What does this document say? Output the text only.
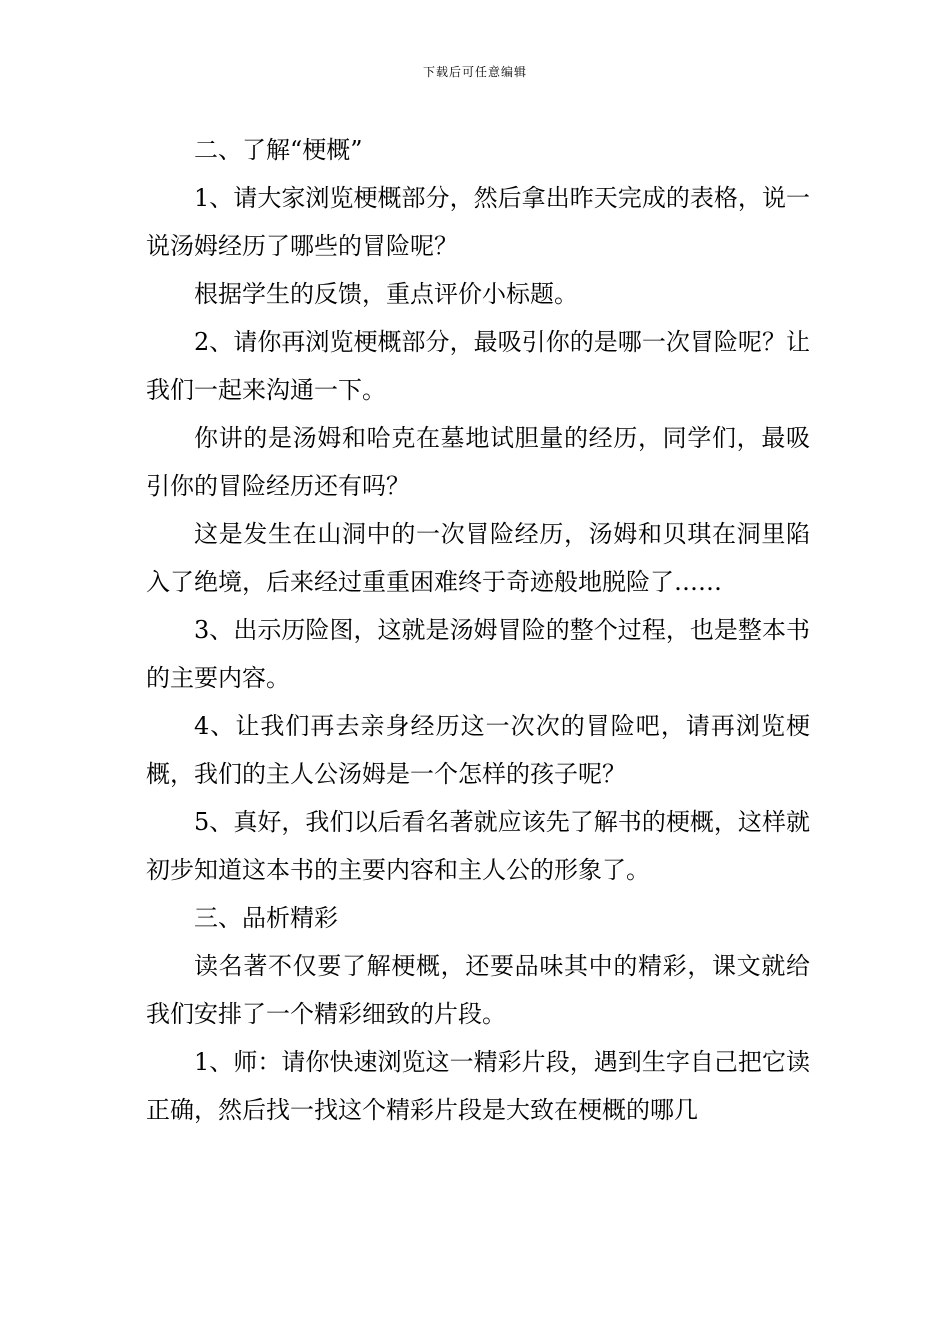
下载后可任意编辑

二、了解“梗概”

1、请大家浏览梗概部分，然后拿出昨天完成的表格，说一说汤姆经历了哪些的冒险呢？

根据学生的反馈，重点评价小标题。

2、请你再浏览梗概部分，最吸引你的是哪一次冒险呢？让我们一起来沟通一下。

你讲的是汤姆和哈克在墓地试胆量的经历，同学们，最吸引你的冒险经历还有吗？

这是发生在山洞中的一次冒险经历，汤姆和贝琪在洞里陷入了绝境，后来经过重重困难终于奇迹般地脱险了……

3、出示历险图，这就是汤姆冒险的整个过程，也是整本书的主要内容。

4、让我们再去亲身经历这一次次的冒险吧，请再浏览梗概，我们的主人公汤姆是一个怎样的孩子呢？

5、真好，我们以后看名著就应该先了解书的梗概，这样就初步知道这本书的主要内容和主人公的形象了。

三、品析精彩

读名著不仅要了解梗概，还要品味其中的精彩，课文就给我们安排了一个精彩细致的片段。

1、师：请你快速浏览这一精彩片段，遇到生字自己把它读正确，然后找一找这个精彩片段是大致在梗概的哪几
